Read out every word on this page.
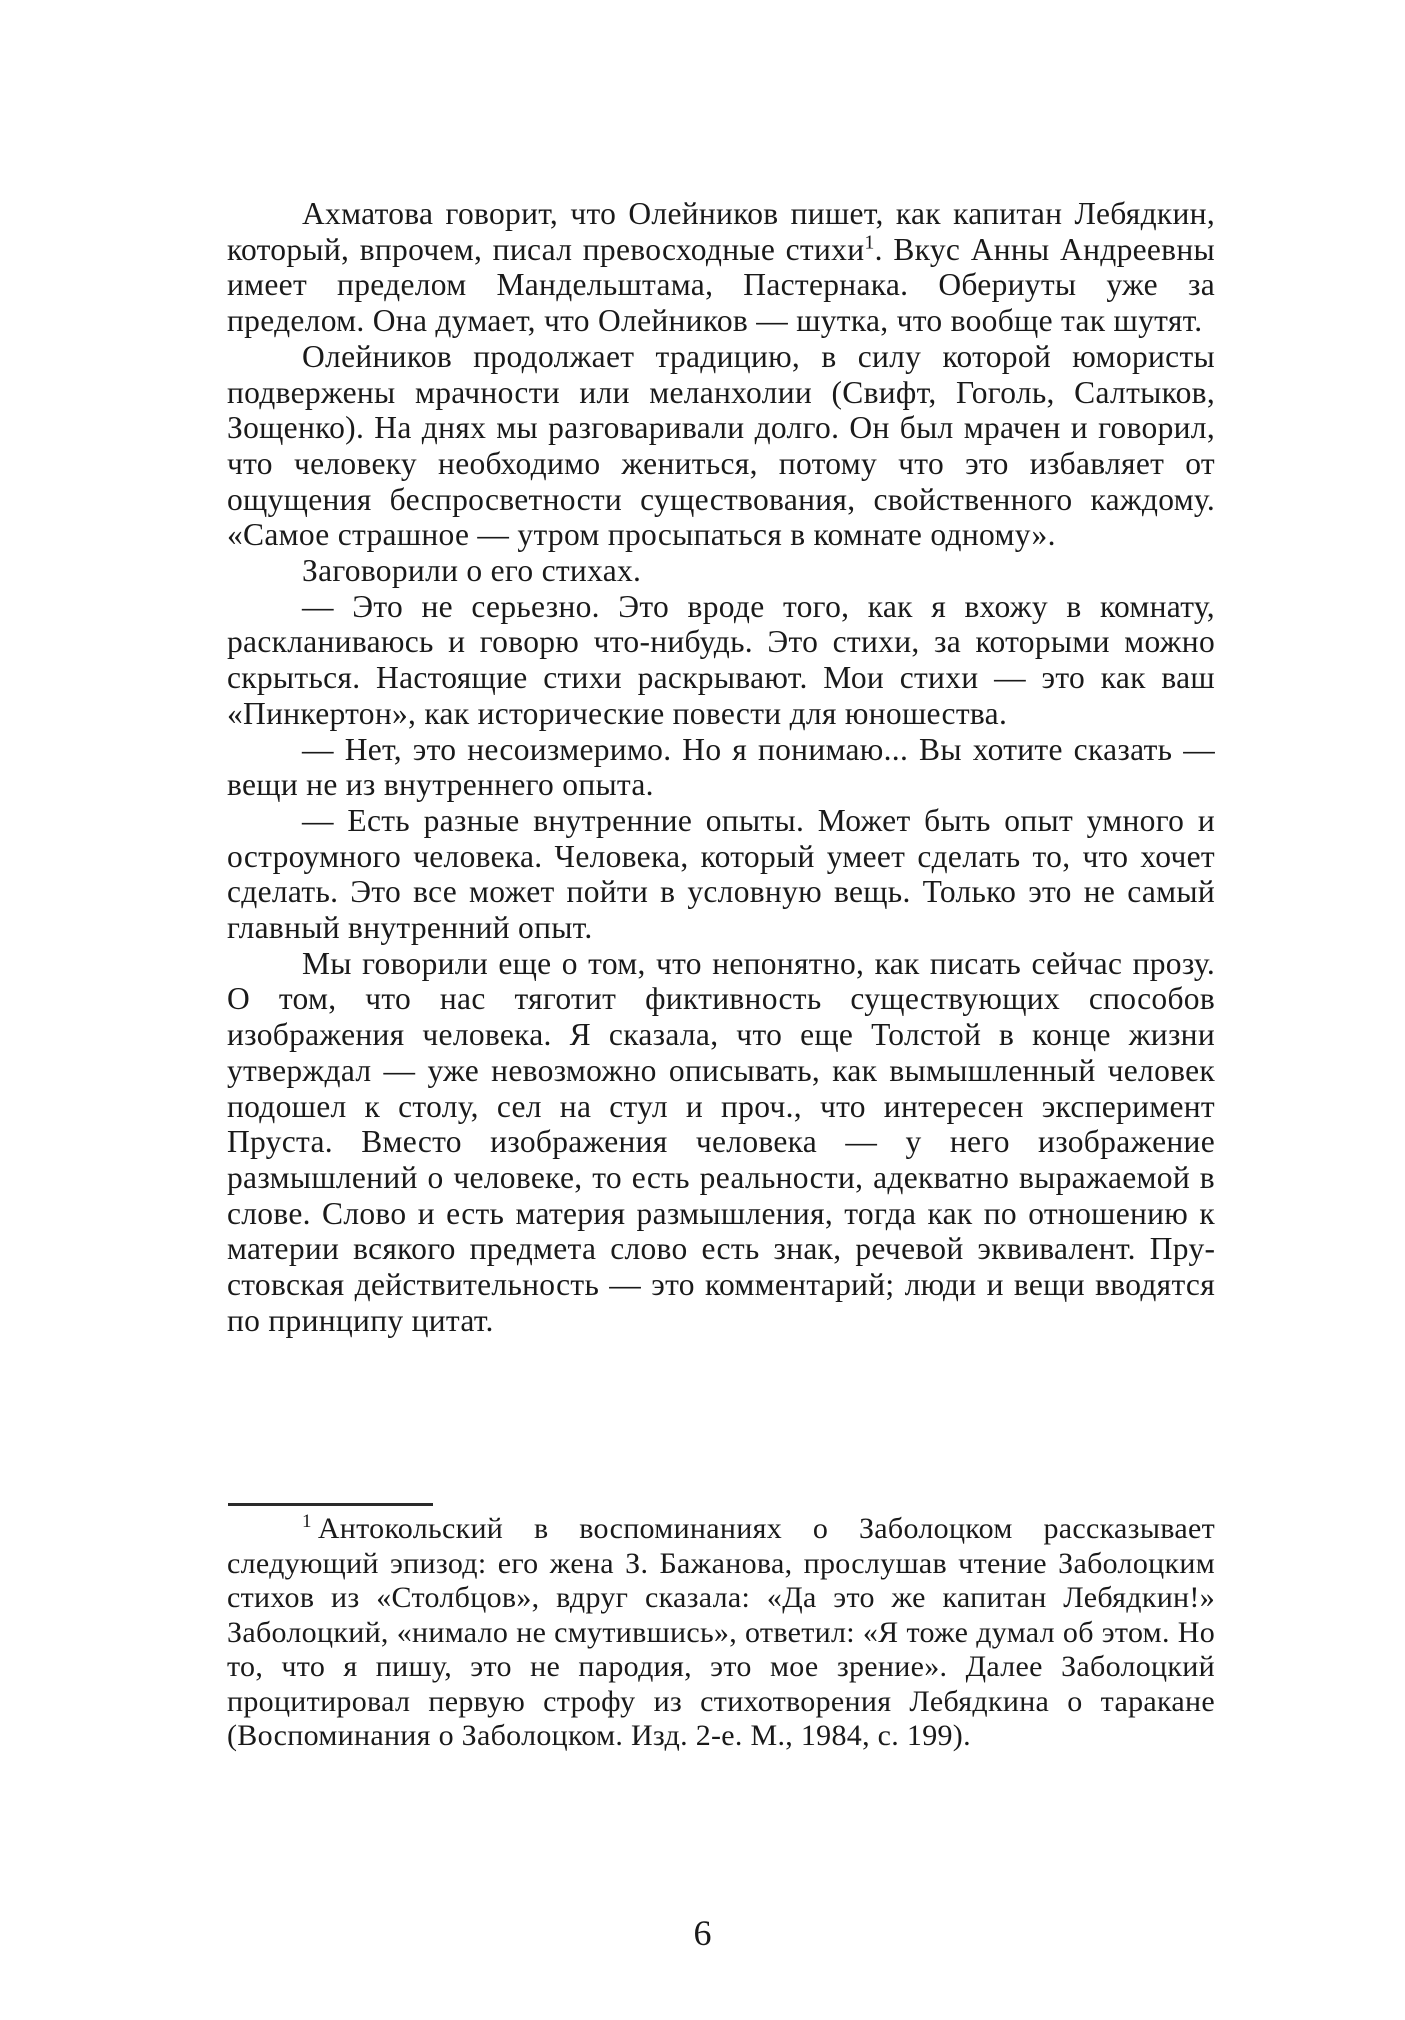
Ахматова говорит, что Олейников пишет, как капитан Лебядкин, который, впрочем, писал превосходные стихи$^1$. Вкус Анны Андреевны имеет пределом Мандельштама, Пастернака. Обериуты уже за пределом. Она думает, что Олейников — шутка, что вообще так шутят.

Олейников продолжает традицию, в силу которой юмористы подвержены мрачности или меланхолии (Свифт, Гоголь, Салтыков, Зощенко). На днях мы разговаривали долго. Он был мрачен и говорил, что человеку необходимо жениться, потому что это избавляет от ощущения беспросветности существования, свойственного каждому. «Самое страшное — утром просыпаться в комнате одному».

Заговорили о его стихах.

— Это не серьезно. Это вроде того, как я вхожу в комнату, раскланиваюсь и говорю что-нибудь. Это стихи, за которыми можно скрыться. Настоящие стихи раскрывают. Мои стихи — это как ваш «Пинкертон», как исторические повести для юношества.

— Нет, это несоизмеримо. Но я понимаю... Вы хотите сказать — вещи не из внутреннего опыта.

— Есть разные внутренние опыты. Может быть опыт умного и остроумного человека. Человека, который умеет сделать то, что хочет сделать. Это все может пойти в условную вещь. Только это не самый главный внутренний опыт.

Мы говорили еще о том, что непонятно, как писать сейчас прозу. О том, что нас тяготит фиктивность существующих способов изображения человека. Я сказала, что еще Толстой в конце жизни утверждал — уже невозможно описывать, как вымышленный человек подошел к столу, сел на стул и проч., что интересен эксперимент Пруста. Вместо изображения человека — у него изображение размышлений о человеке, то есть реальности, адекватно выражаемой в слове. Слово и есть материя размышления, тогда как по отношению к материи всякого предмета слово есть знак, речевой эквивалент. Прустовская действительность — это комментарий; люди и вещи вводятся по принципу цитат.

$^1$ Антокольский в воспоминаниях о Заболоцком рассказывает следующий эпизод: его жена З. Бажанова, прослушав чтение Заболоцким стихов из «Столбцов», вдруг сказала: «Да это же капитан Лебядкин!» Заболоцкий, «нимало не смутившись», ответил: «Я тоже думал об этом. Но то, что я пишу, это не пародия, это мое зрение». Далее Заболоцкий процитировал первую строфу из стихотворения Лебядкина о таракане (Воспоминания о Заболоцком. Изд. 2-е. М., 1984, с. 199).

6
